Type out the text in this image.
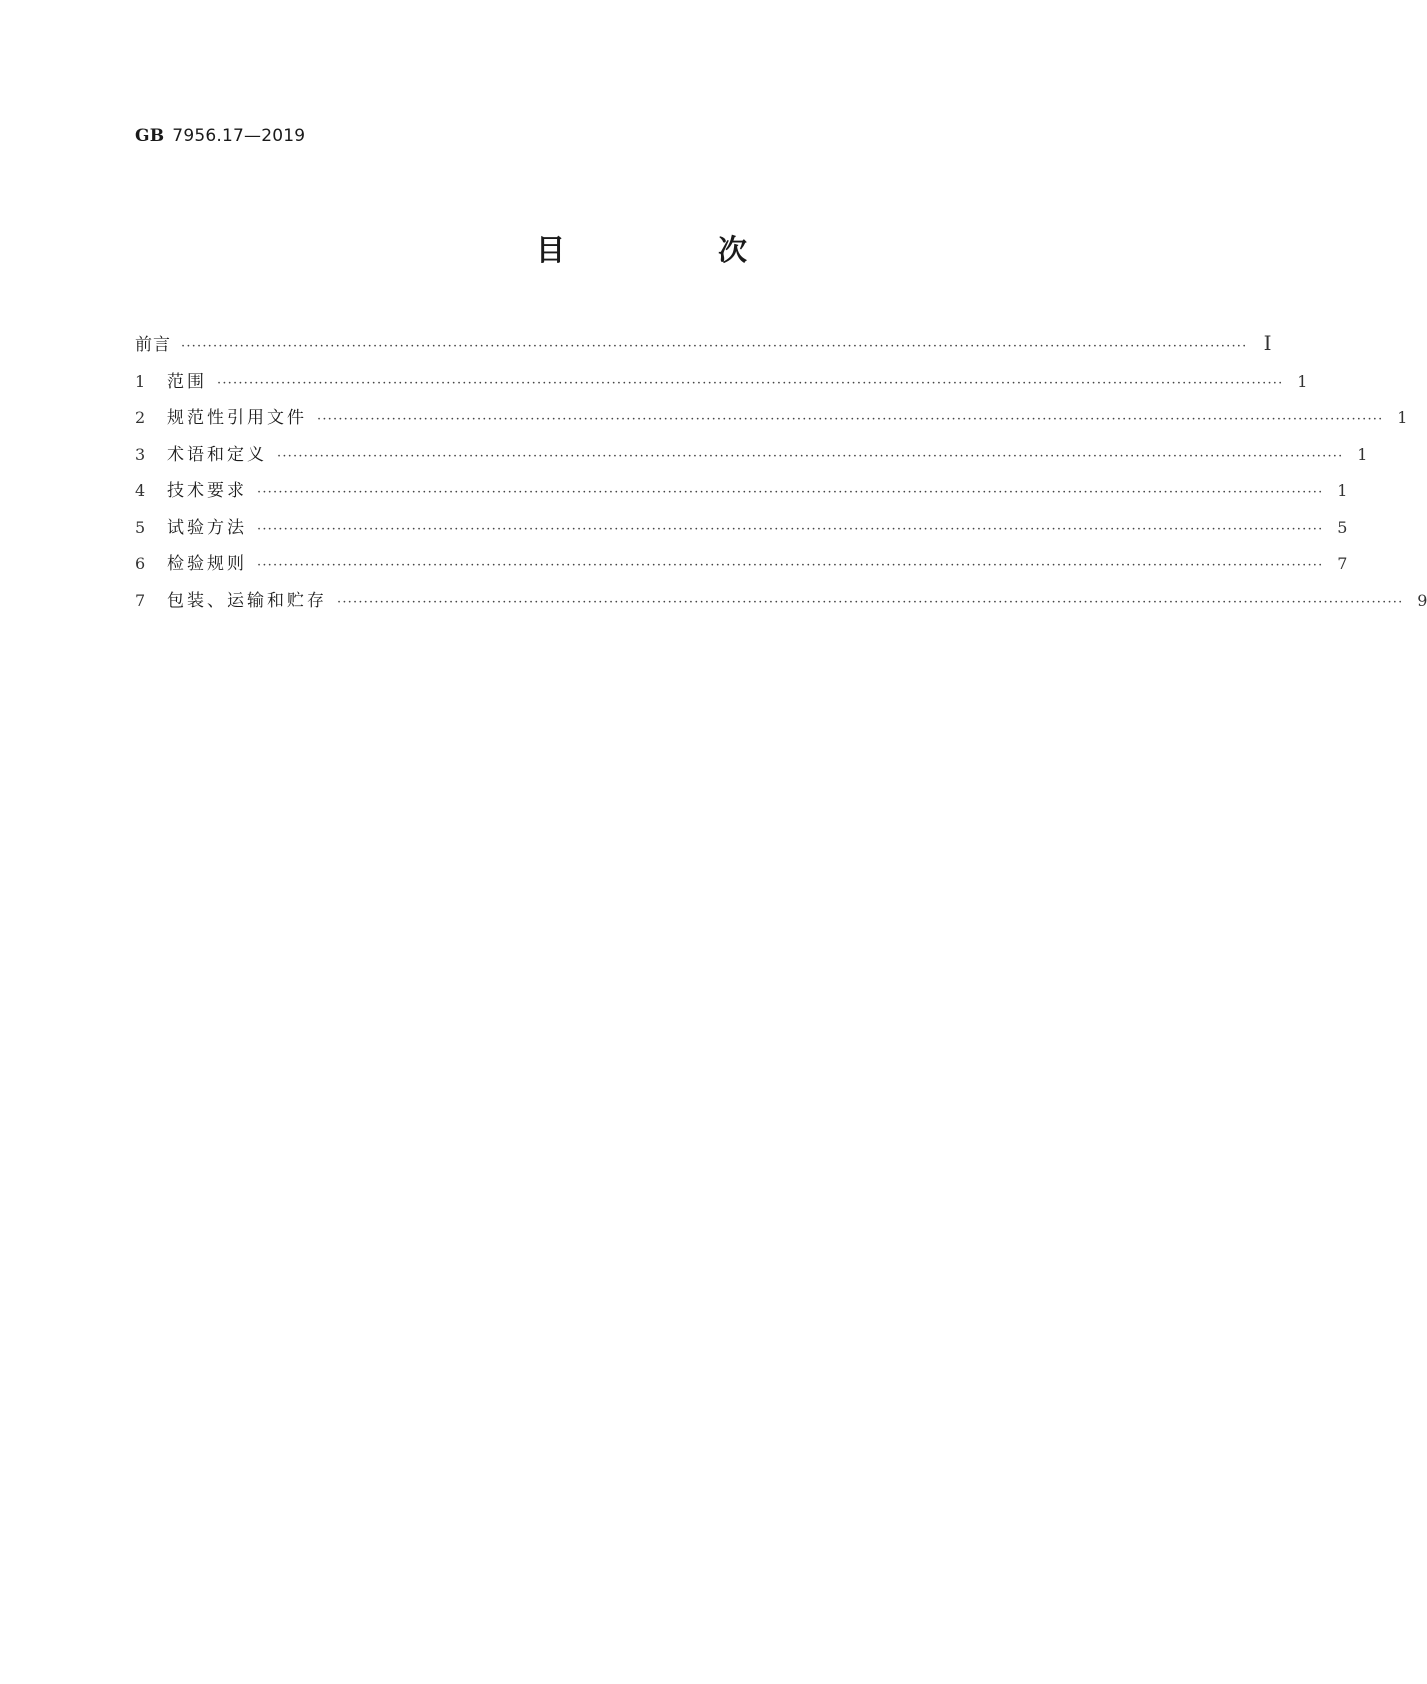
GB 7956.17—2019
目　次
前言 ········································································································································································································ Ⅰ
1	范围 ········································································································································································································ 1
2	规范性引用文件 ········································································································································································································ 1
3	术语和定义 ········································································································································································································ 1
4	技术要求 ········································································································································································································ 1
5	试验方法 ········································································································································································································ 5
6	检验规则 ········································································································································································································ 7
7	包装、运输和贮存 ········································································································································································································ 9
